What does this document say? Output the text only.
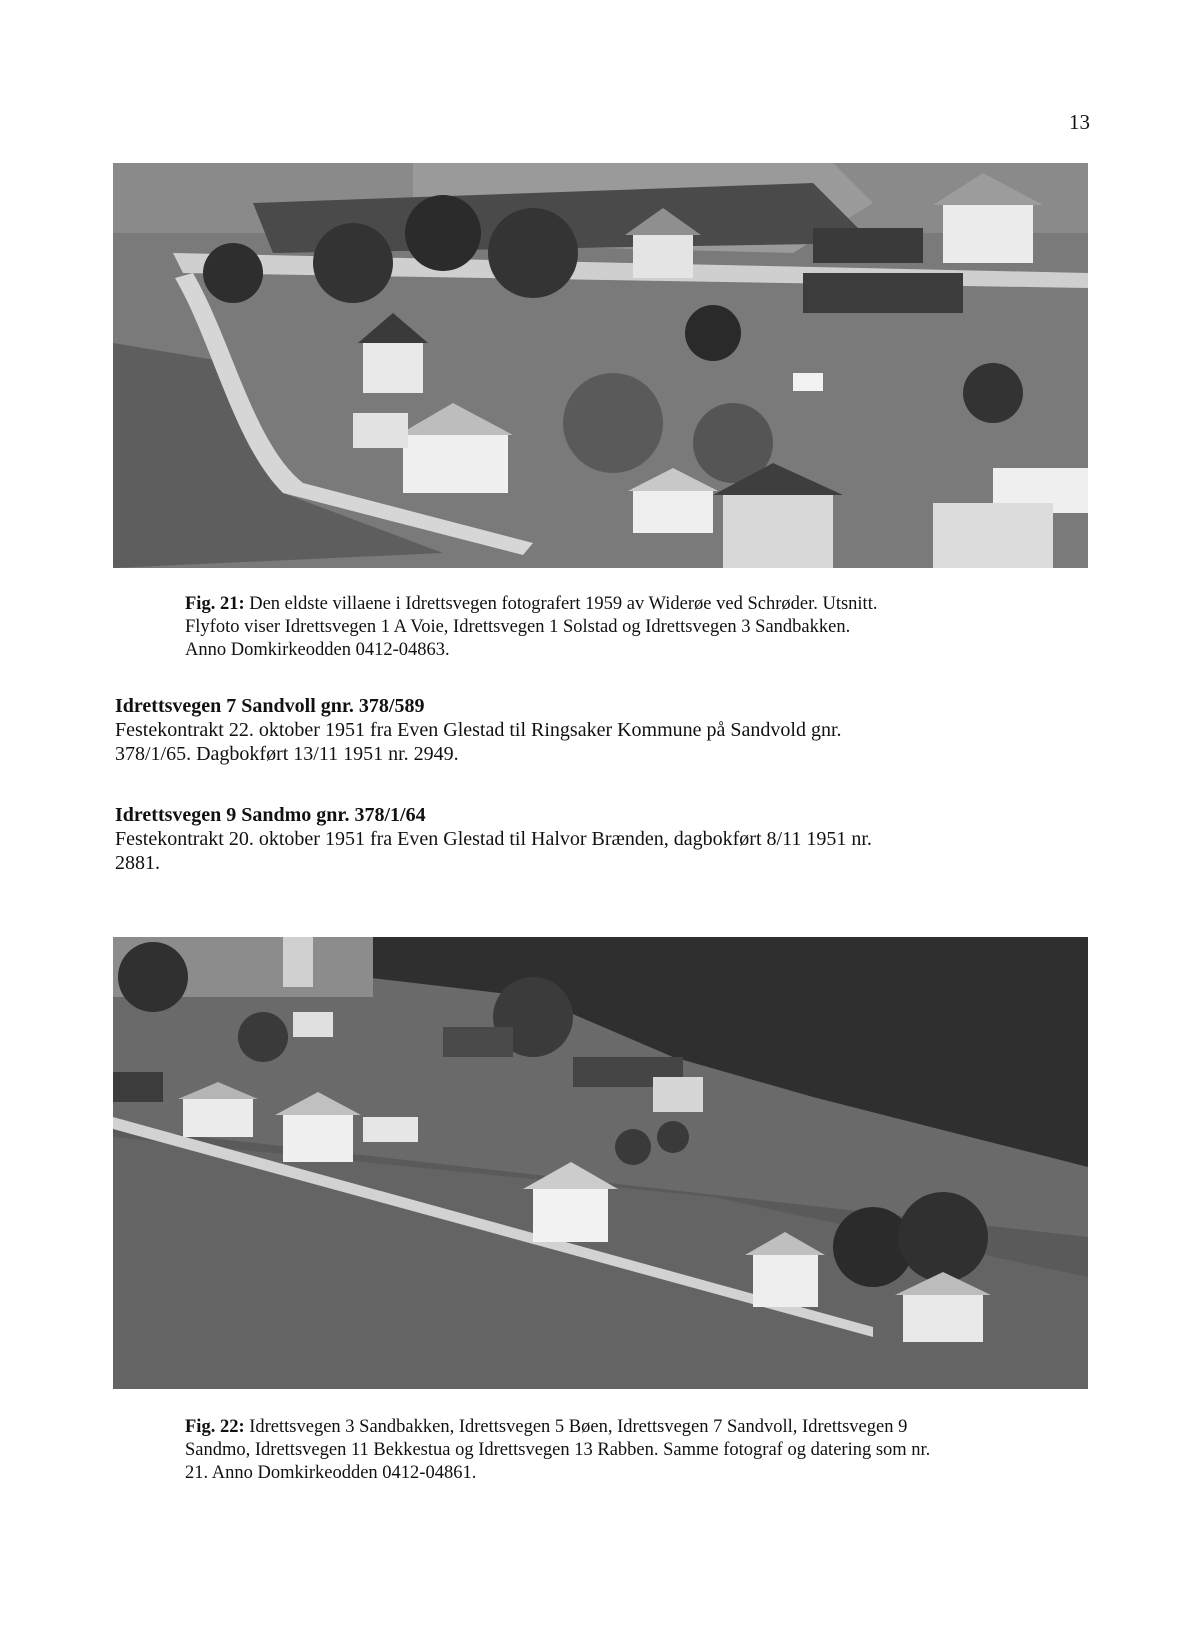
13
Fig. 21: Den eldste villaene i Idrettsvegen fotografert 1959 av Widerøe ved Schrøder. Utsnitt.
Flyfoto viser Idrettsvegen 1 A Voie, Idrettsvegen 1 Solstad og Idrettsvegen 3 Sandbakken.
Anno Domkirkeodden 0412-04863.
Idrettsvegen 7 Sandvoll gnr. 378/589
Festekontrakt 22. oktober 1951 fra Even Glestad til Ringsaker Kommune på Sandvold gnr.
378/1/65. Dagbokført 13/11 1951 nr. 2949.
Idrettsvegen 9 Sandmo gnr. 378/1/64
Festekontrakt 20. oktober 1951 fra Even Glestad til Halvor Brænden, dagbokført 8/11 1951 nr.
2881.
Fig. 22: Idrettsvegen 3 Sandbakken, Idrettsvegen 5 Bøen, Idrettsvegen 7 Sandvoll, Idrettsvegen 9
Sandmo, Idrettsvegen 11 Bekkestua og Idrettsvegen 13 Rabben. Samme fotograf og datering som nr.
21. Anno Domkirkeodden 0412-04861.
